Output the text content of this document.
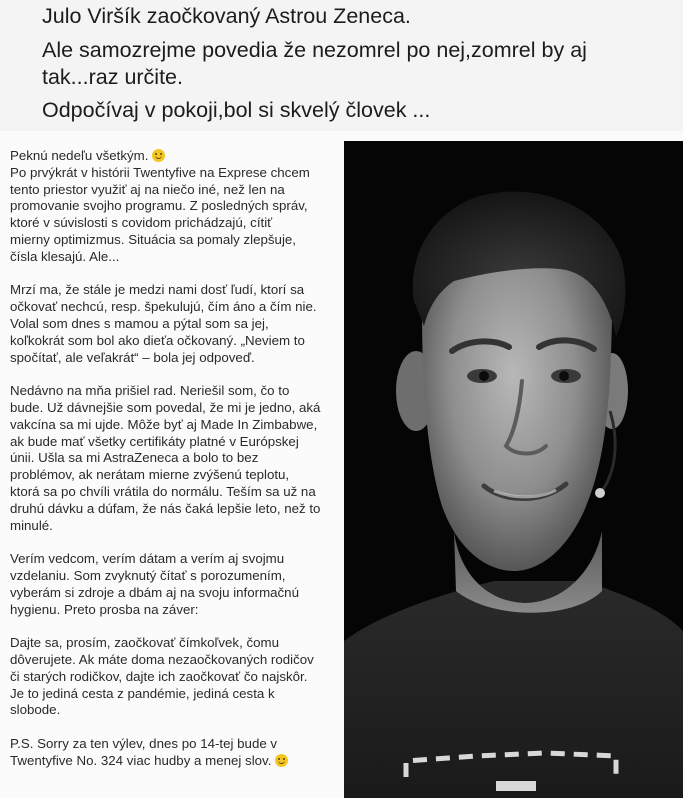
Julo Viršík zaočkovaný Astrou Zeneca.
Ale samozrejme povedia že nezomrel po nej,zomrel by aj
tak...raz určite.
Odpočívaj v pokoji,bol si skvelý človek ...

Peknú nedeľu všetkým.
Po prvýkrát v histórii Twentyfive na Exprese chcem
tento priestor využiť aj na niečo iné, než len na
promovanie svojho programu. Z posledných správ,
ktoré v súvislosti s covidom prichádzajú, cítiť
mierny optimizmus. Situácia sa pomaly zlepšuje,
čísla klesajú. Ale...

Mrzí ma, že stále je medzi nami dosť ľudí, ktorí sa
očkovať nechcú, resp. špekulujú, čím áno a čím nie.
Volal som dnes s mamou a pýtal som sa jej,
koľkokrát som bol ako dieťa očkovaný. „Neviem to
spočítať, ale veľakrát“ – bola jej odpoveď.

Nedávno na mňa prišiel rad. Neriešil som, čo to
bude. Už dávnejšie som povedal, že mi je jedno, aká
vakcína sa mi ujde. Môže byť aj Made In Zimbabwe,
ak bude mať všetky certifikáty platné v Európskej
únii. Ušla sa mi AstraZeneca a bolo to bez
problémov, ak nerátam mierne zvýšenú teplotu,
ktorá sa po chvíli vrátila do normálu. Teším sa už na
druhú dávku a dúfam, že nás čaká lepšie leto, než to
minulé.

Verím vedcom, verím dátam a verím aj svojmu
vzdelaniu. Som zvyknutý čítať s porozumením,
vyberám si zdroje a dbám aj na svoju informačnú
hygienu. Preto prosba na záver:

Dajte sa, prosím, zaočkovať čímkoľvek, čomu
dôverujete. Ak máte doma nezaočkovaných rodičov
či starých rodičkov, dajte ich zaočkovať čo najskôr.
Je to jediná cesta z pandémie, jediná cesta k
slobode.

P.S. Sorry za ten výlev, dnes po 14-tej bude v
Twentyfive No. 324 viac hudby a menej slov.
